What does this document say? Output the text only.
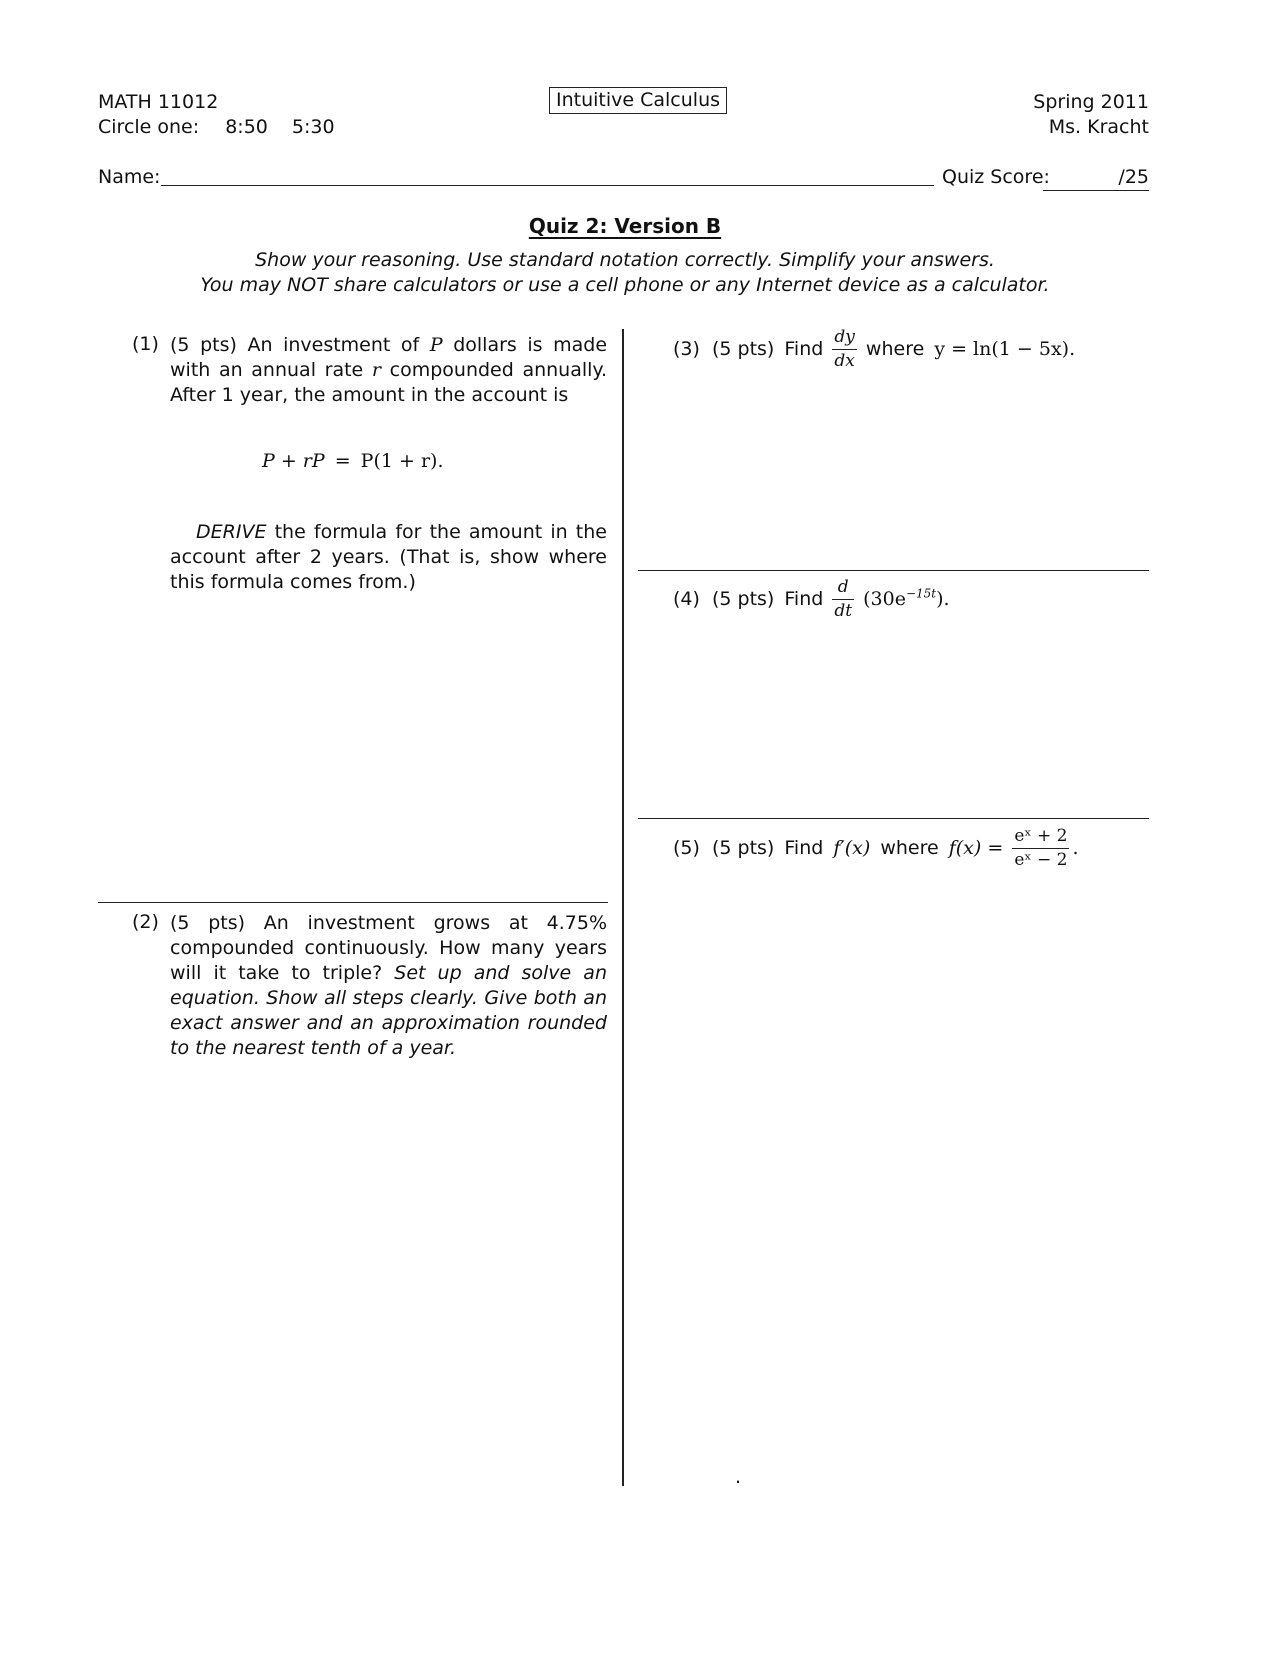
MATH 11012
Circle one: 8:50 5:30
Intuitive Calculus	Spring 2011
Ms. Kracht
Name:	Quiz Score:	/25
Quiz 2: Version B
Show your reasoning. Use standard notation correctly. Simplify your answers.
You may NOT share calculators or use a cell phone or any Internet device as a calculator.
(1) (5 pts) An investment of P dollars is made with an annual rate r compounded annually. After 1 year, the amount in the account is
P + rP = P(1 + r).
DERIVE the formula for the amount in the account after 2 years. (That is, show where this formula comes from.)
(2) (5 pts) An investment grows at 4.75% compounded continuously. How many years will it take to triple? Set up and solve an equation. Show all steps clearly. Give both an exact answer and an approximation rounded to the nearest tenth of a year.
(3) (5 pts) Find $\frac{dy}{dx}$ where y = ln(1 − 5x).
(4) (5 pts) Find $\frac{d}{dt} (30e^{-15t})$.
(5) (5 pts) Find f′(x) where $f(x) = \frac{\text{eˣ + 2}}{\text{eˣ − 2}}$ .
.
